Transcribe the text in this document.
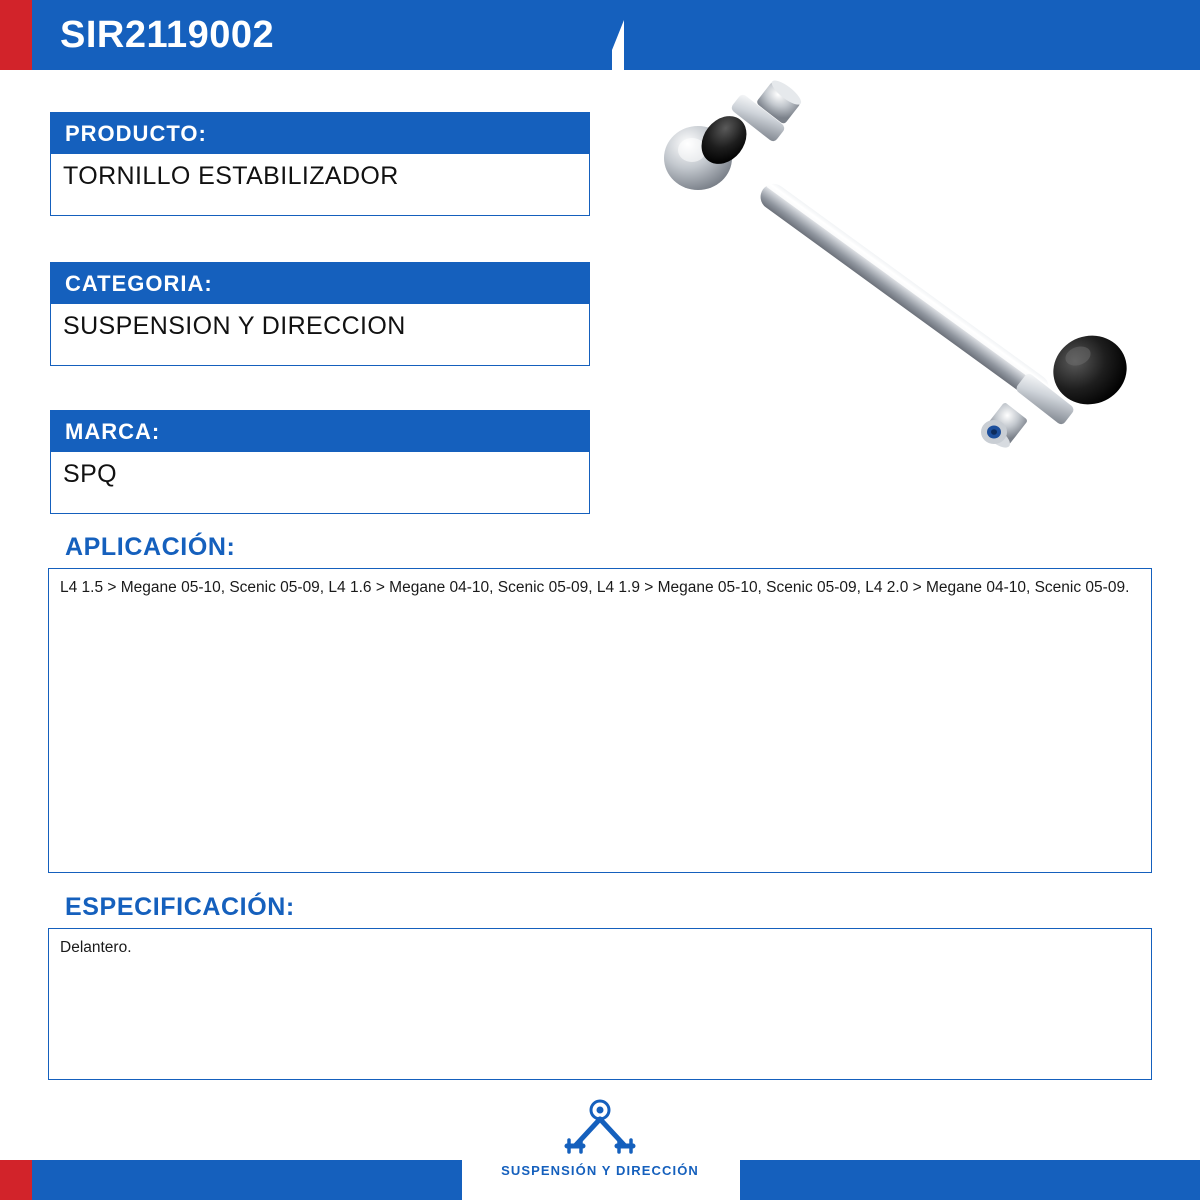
SIR2119002
PRODUCTO:
TORNILLO ESTABILIZADOR
CATEGORIA:
SUSPENSION Y DIRECCION
MARCA:
SPQ
APLICACIÓN:
L4 1.5 > Megane 05-10, Scenic 05-09, L4 1.6 > Megane 04-10, Scenic 05-09, L4 1.9 > Megane 05-10, Scenic 05-09, L4 2.0 > Megane 04-10, Scenic 05-09.
ESPECIFICACIÓN:
Delantero.
SUSPENSIÓN Y DIRECCIÓN
